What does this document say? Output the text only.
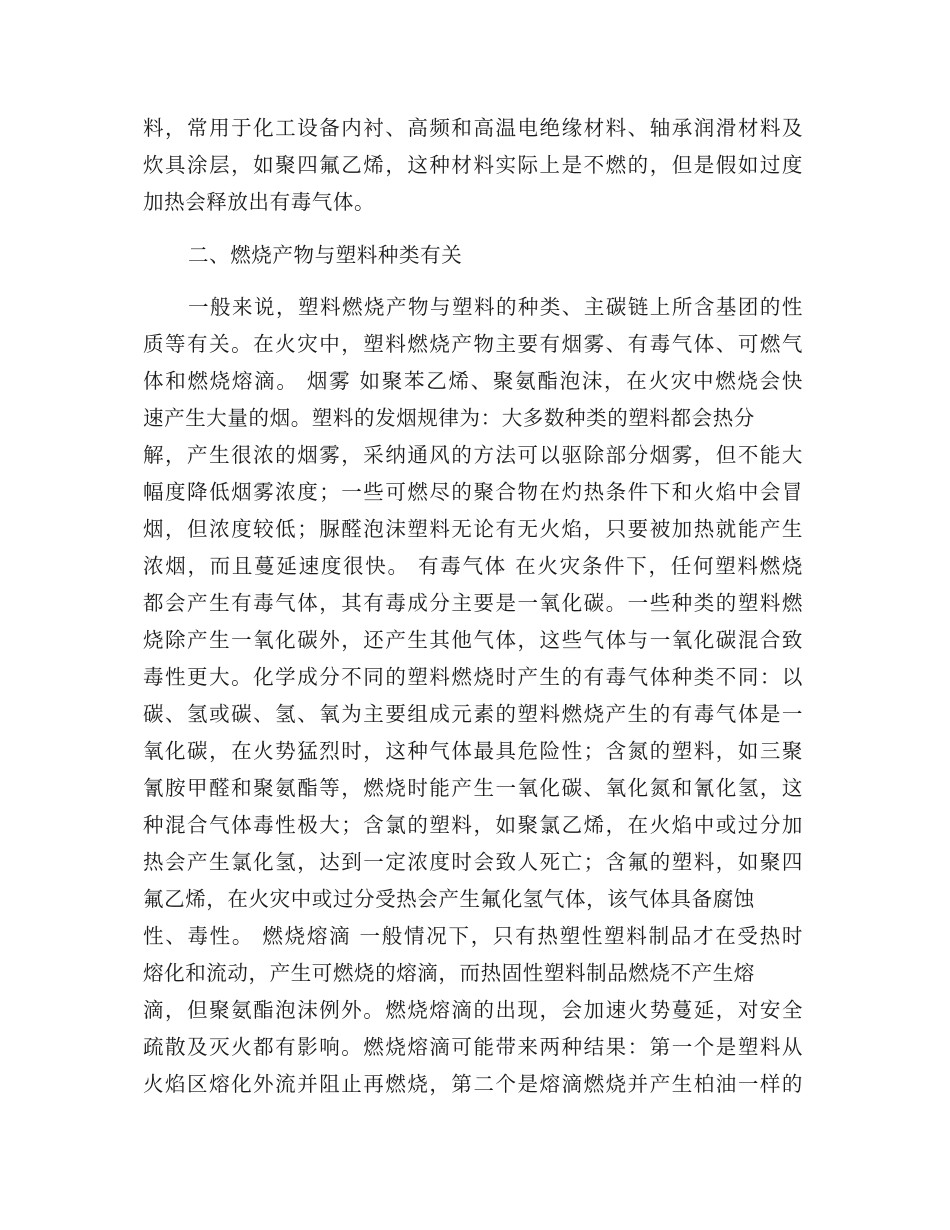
料，常用于化工设备内衬、高频和高温电绝缘材料、轴承润滑材料及
炊具涂层，如聚四氟乙烯，这种材料实际上是不燃的，但是假如过度
加热会释放出有毒气体。
二、燃烧产物与塑料种类有关
一般来说，塑料燃烧产物与塑料的种类、主碳链上所含基团的性
质等有关。在火灾中，塑料燃烧产物主要有烟雾、有毒气体、可燃气
体和燃烧熔滴。 烟雾 如聚苯乙烯、聚氨酯泡沫，在火灾中燃烧会快
速产生大量的烟。塑料的发烟规律为：大多数种类的塑料都会热分
解，产生很浓的烟雾，采纳通风的方法可以驱除部分烟雾，但不能大
幅度降低烟雾浓度；一些可燃尽的聚合物在灼热条件下和火焰中会冒
烟，但浓度较低；脲醛泡沫塑料无论有无火焰，只要被加热就能产生
浓烟，而且蔓延速度很快。 有毒气体 在火灾条件下，任何塑料燃烧
都会产生有毒气体，其有毒成分主要是一氧化碳。一些种类的塑料燃
烧除产生一氧化碳外，还产生其他气体，这些气体与一氧化碳混合致
毒性更大。化学成分不同的塑料燃烧时产生的有毒气体种类不同：以
碳、氢或碳、氢、氧为主要组成元素的塑料燃烧产生的有毒气体是一
氧化碳，在火势猛烈时，这种气体最具危险性；含氮的塑料，如三聚
氰胺甲醛和聚氨酯等，燃烧时能产生一氧化碳、氧化氮和氰化氢，这
种混合气体毒性极大；含氯的塑料，如聚氯乙烯，在火焰中或过分加
热会产生氯化氢，达到一定浓度时会致人死亡；含氟的塑料，如聚四
氟乙烯，在火灾中或过分受热会产生氟化氢气体，该气体具备腐蚀
性、毒性。 燃烧熔滴 一般情况下，只有热塑性塑料制品才在受热时
熔化和流动，产生可燃烧的熔滴，而热固性塑料制品燃烧不产生熔
滴，但聚氨酯泡沫例外。燃烧熔滴的出现，会加速火势蔓延，对安全
疏散及灭火都有影响。燃烧熔滴可能带来两种结果：第一个是塑料从
火焰区熔化外流并阻止再燃烧，第二个是熔滴燃烧并产生柏油一样的
